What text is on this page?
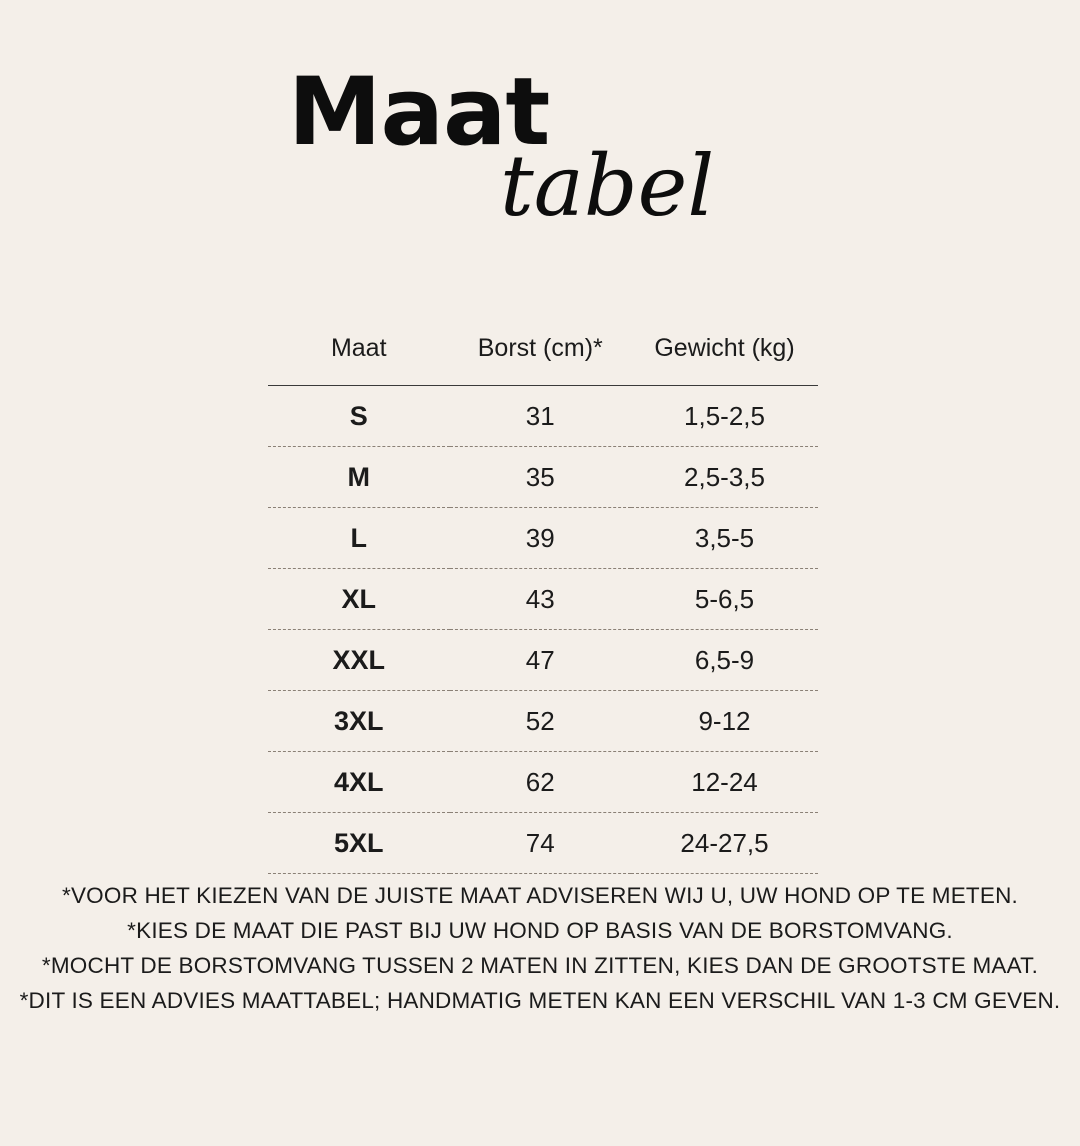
Maat
tabel
Maat	Borst (cm)*	Gewicht (kg)
S	31	1,5-2,5
M	35	2,5-3,5
L	39	3,5-5
XL	43	5-6,5
XXL	47	6,5-9
3XL	52	9-12
4XL	62	12-24
5XL	74	24-27,5

*VOOR HET KIEZEN VAN DE JUISTE MAAT ADVISEREN WIJ U, UW HOND OP TE METEN.

*KIES DE MAAT DIE PAST BIJ UW HOND OP BASIS VAN DE BORSTOMVANG.

*MOCHT DE BORSTOMVANG TUSSEN 2 MATEN IN ZITTEN, KIES DAN DE GROOTSTE MAAT.

*DIT IS EEN ADVIES MAATTABEL; HANDMATIG METEN KAN EEN VERSCHIL VAN 1-3 CM GEVEN.
